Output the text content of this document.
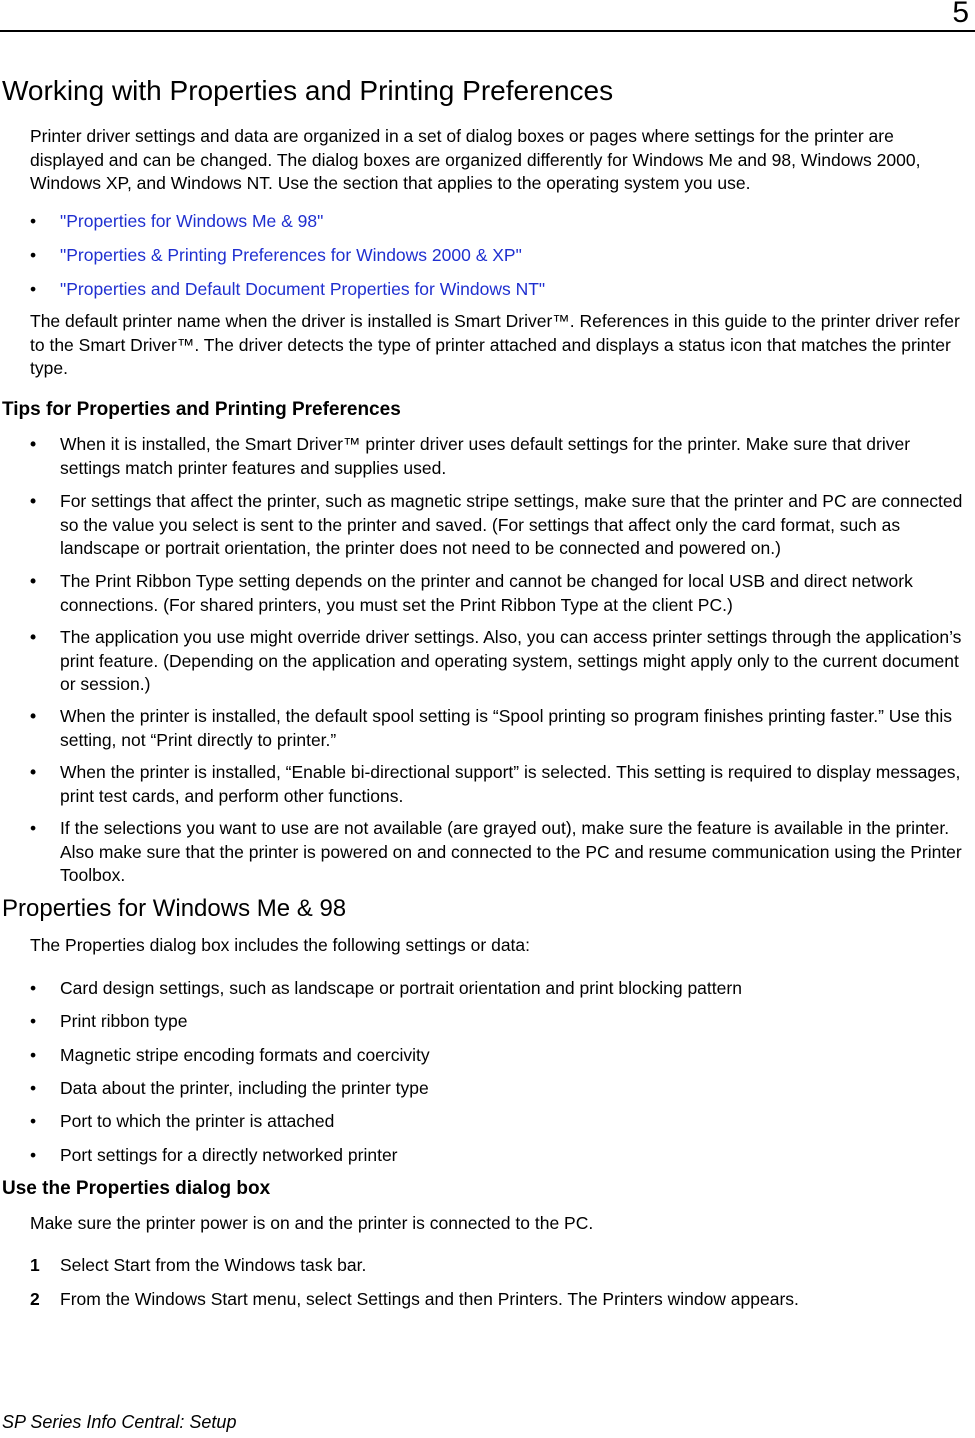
5
Working with Properties and Printing Preferences

Printer driver settings and data are organized in a set of dialog boxes or pages where settings for the printer are displayed and can be changed. The dialog boxes are organized differently for Windows Me and 98, Windows 2000, Windows XP, and Windows NT. Use the section that applies to the operating system you use.

•	"Properties for Windows Me & 98"
•	"Properties & Printing Preferences for Windows 2000 & XP"
•	"Properties and Default Document Properties for Windows NT"

The default printer name when the driver is installed is Smart Driver™. References in this guide to the printer driver refer to the Smart Driver™. The driver detects the type of printer attached and displays a status icon that matches the printer type.

Tips for Properties and Printing Preferences
•	When it is installed, the Smart Driver™ printer driver uses default settings for the printer. Make sure that driver settings match printer features and supplies used.
•	For settings that affect the printer, such as magnetic stripe settings, make sure that the printer and PC are connected so the value you select is sent to the printer and saved. (For settings that affect only the card format, such as landscape or portrait orientation, the printer does not need to be connected and powered on.)
•	The Print Ribbon Type setting depends on the printer and cannot be changed for local USB and direct network connections. (For shared printers, you must set the Print Ribbon Type at the client PC.)
•	The application you use might override driver settings. Also, you can access printer settings through the application’s print feature. (Depending on the application and operating system, settings might apply only to the current document or session.)
•	When the printer is installed, the default spool setting is “Spool printing so program finishes printing faster.” Use this setting, not “Print directly to printer.”
•	When the printer is installed, “Enable bi-directional support” is selected. This setting is required to display messages, print test cards, and perform other functions.
•	If the selections you want to use are not available (are grayed out), make sure the feature is available in the printer. Also make sure that the printer is powered on and connected to the PC and resume communication using the Printer Toolbox.
Properties for Windows Me & 98

The Properties dialog box includes the following settings or data:

•	Card design settings, such as landscape or portrait orientation and print blocking pattern
•	Print ribbon type
•	Magnetic stripe encoding formats and coercivity
•	Data about the printer, including the printer type
•	Port to which the printer is attached
•	Port settings for a directly networked printer
Use the Properties dialog box

Make sure the printer power is on and the printer is connected to the PC.

1	Select Start from the Windows task bar.
2	From the Windows Start menu, select Settings and then Printers. The Printers window appears.
SP Series Info Central: Setup
